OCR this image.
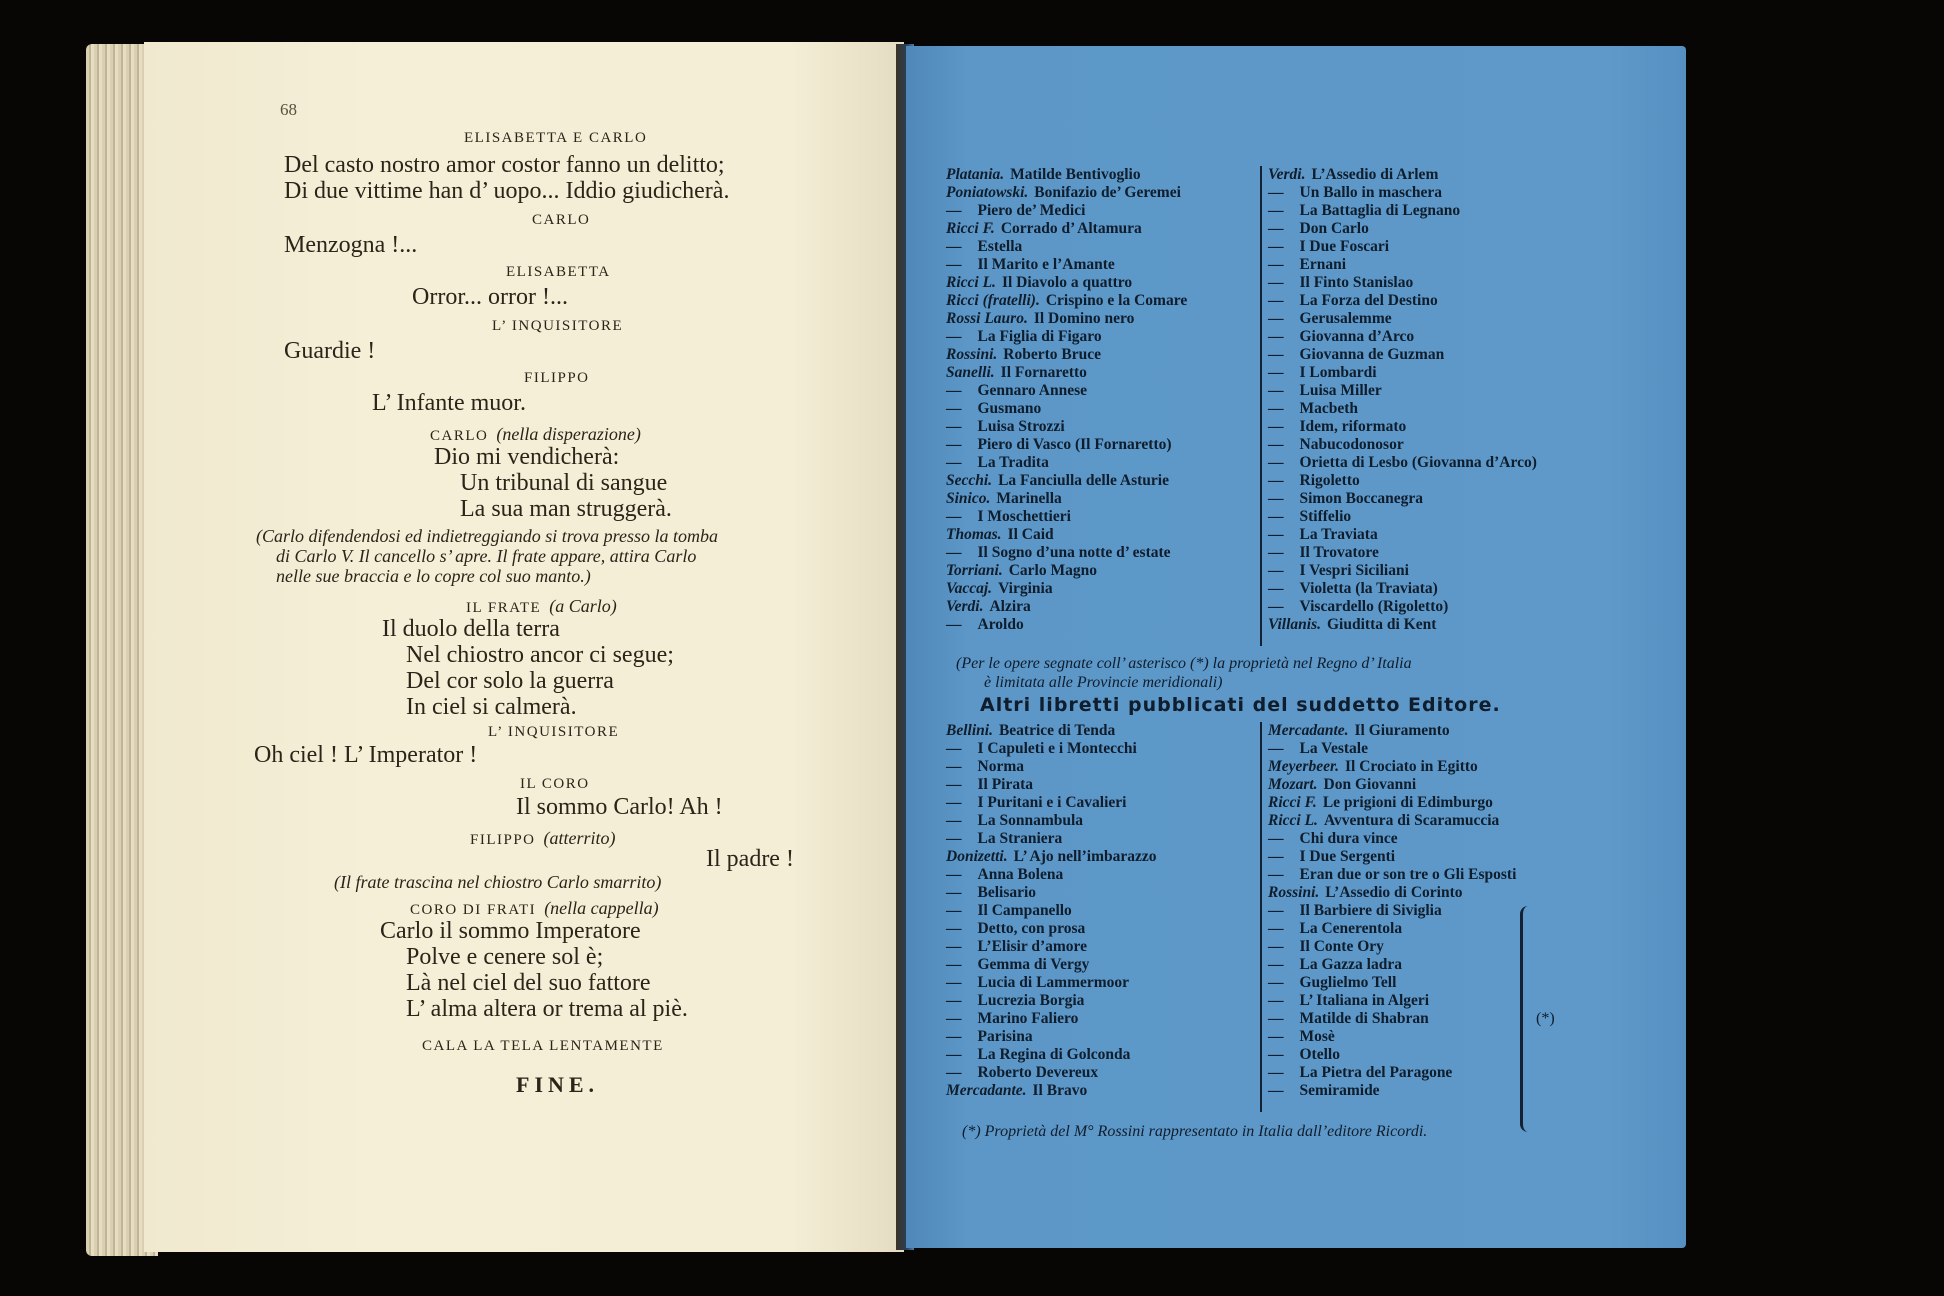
68
ELISABETTA E CARLO
Del casto nostro amor costor fanno un delitto;
Di due vittime han d’ uopo... Iddio giudicherà.
CARLO
Menzogna !...
ELISABETTA
Orror... orror !...
L’ INQUISITORE
Guardie !
FILIPPO
L’ Infante muor.
CARLO (nella disperazione)
Dio mi vendicherà:
Un tribunal di sangue
La sua man struggerà.
(Carlo difendendosi ed indietreggiando si trova presso la tomba
di Carlo V. Il cancello s’ apre. Il frate appare, attira Carlo
nelle sue braccia e lo copre col suo manto.)
IL FRATE (a Carlo)
Il duolo della terra
Nel chiostro ancor ci segue;
Del cor solo la guerra
In ciel si calmerà.
L’ INQUISITORE
Oh ciel ! L’ Imperator !
IL CORO
Il sommo Carlo! Ah !
FILIPPO (atterrito)
Il padre !
(Il frate trascina nel chiostro Carlo smarrito)
CORO DI FRATI (nella cappella)
Carlo il sommo Imperatore
Polve e cenere sol è;
Là nel ciel del suo fattore
L’ alma altera or trema al piè.
CALA LA TELA LENTAMENTE
FINE.
Platania. Matilde Bentivoglio
Poniatowski. Bonifazio de’ Geremei
— Piero de’ Medici
Ricci F. Corrado d’ Altamura
— Estella
— Il Marito e l’Amante
Ricci L. Il Diavolo a quattro
Ricci (fratelli). Crispino e la Comare
Rossi Lauro. Il Domino nero
— La Figlia di Figaro
Rossini. Roberto Bruce
Sanelli. Il Fornaretto
— Gennaro Annese
— Gusmano
— Luisa Strozzi
— Piero di Vasco (Il Fornaretto)
— La Tradita
Secchi. La Fanciulla delle Asturie
Sinico. Marinella
— I Moschettieri
Thomas. Il Caid
— Il Sogno d’una notte d’ estate
Torriani. Carlo Magno
Vaccaj. Virginia
Verdi. Alzira
— Aroldo
Verdi. L’Assedio di Arlem
— Un Ballo in maschera
— La Battaglia di Legnano
— Don Carlo
— I Due Foscari
— Ernani
— Il Finto Stanislao
— La Forza del Destino
— Gerusalemme
— Giovanna d’Arco
— Giovanna de Guzman
— I Lombardi
— Luisa Miller
— Macbeth
— Idem, riformato
— Nabucodonosor
— Orietta di Lesbo (Giovanna d’Arco)
— Rigoletto
— Simon Boccanegra
— Stiffelio
— La Traviata
— Il Trovatore
— I Vespri Siciliani
— Violetta (la Traviata)
— Viscardello (Rigoletto)
Villanis. Giuditta di Kent
(Per le opere segnate coll’ asterisco (*) la proprietà nel Regno d’ Italia
è limitata alle Provincie meridionali)
Altri libretti pubblicati del suddetto Editore.
Bellini. Beatrice di Tenda
— I Capuleti e i Montecchi
— Norma
— Il Pirata
— I Puritani e i Cavalieri
— La Sonnambula
— La Straniera
Donizetti. L’ Ajo nell’imbarazzo
— Anna Bolena
— Belisario
— Il Campanello
— Detto, con prosa
— L’Elisir d’amore
— Gemma di Vergy
— Lucia di Lammermoor
— Lucrezia Borgia
— Marino Faliero
— Parisina
— La Regina di Golconda
— Roberto Devereux
Mercadante. Il Bravo
Mercadante. Il Giuramento
— La Vestale
Meyerbeer. Il Crociato in Egitto
Mozart. Don Giovanni
Ricci F. Le prigioni di Edimburgo
Ricci L. Avventura di Scaramuccia
— Chi dura vince
— I Due Sergenti
— Eran due or son tre o Gli Esposti
Rossini. L’Assedio di Corinto
— Il Barbiere di Siviglia
— La Cenerentola
— Il Conte Ory
— La Gazza ladra
— Guglielmo Tell
— L’ Italiana in Algeri
— Matilde di Shabran
— Mosè
— Otello
— La Pietra del Paragone
— Semiramide
(*)
(*) Proprietà del M° Rossini rappresentato in Italia dall’editore Ricordi.
